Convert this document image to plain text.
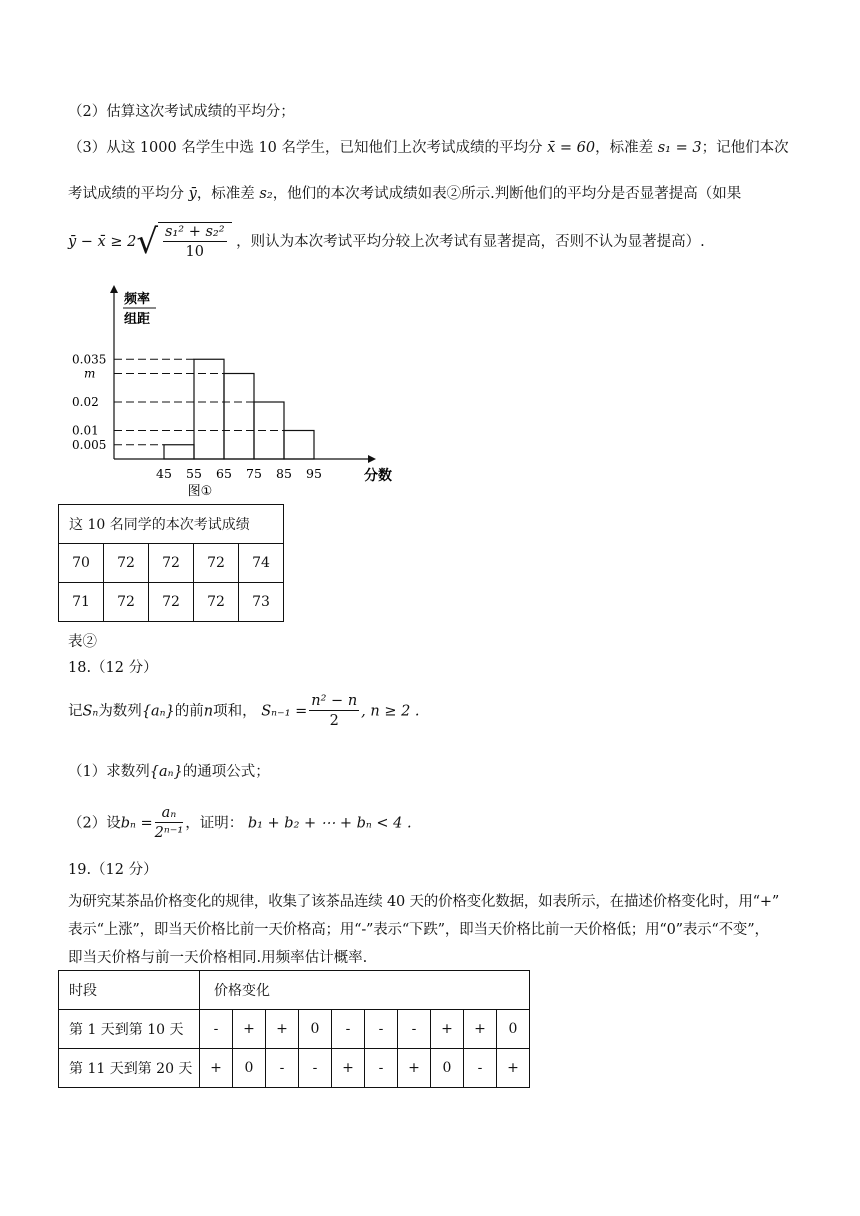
（2）估算这次考试成绩的平均分；
（3）从这 1000 名学生中选 10 名学生，已知他们上次考试成绩的平均分 x̄ = 60，标准差 s₁ = 3；记他们本次
考试成绩的平均分 ȳ，标准差 s₂，他们的本次考试成绩如表②所示.判断他们的平均分是否显著提高（如果
ȳ − x̄ ≥ $2√ \frac{\text{s₁² + s₂²}}{10}$ ，则认为本次考试平均分较上次考试有显著提高，否则不认为显著提高）.
频率
组距
0.035
m
0.02
0.01
0.005
45 55 65 75 85 95	分数
图①
这 10 名同学的本次考试成绩				
70	72	72	72	74
71	72	72	72	73
表②
18.（12 分）
记Sₙ为数列{aₙ}的前n项和， $S_{n-1} = \frac{\text{n² − n}}{2}$ , n ≥ 2 .
（1）求数列{aₙ}的通项公式；
（2）设$b_n = \frac{\text{aₙ}}{\text{2ⁿ⁻¹}}$ ，证明： b₁ + b₂ + ⋯ + bₙ < 4 .
19.（12 分）
为研究某茶品价格变化的规律，收集了该茶品连续 40 天的价格变化数据，如表所示，在描述价格变化时，用“+”
表示“上涨”，即当天价格比前一天价格高；用“-”表示“下跌”，即当天价格比前一天价格低；用“0”表示“不变”，
即当天价格与前一天价格相同.用频率估计概率.
时段	价格变化									
第 1 天到第 10 天	-	+	+	0	-	-	-	+	+	0
第 11 天到第 20 天	+	0	-	-	+	-	+	0	-	+
